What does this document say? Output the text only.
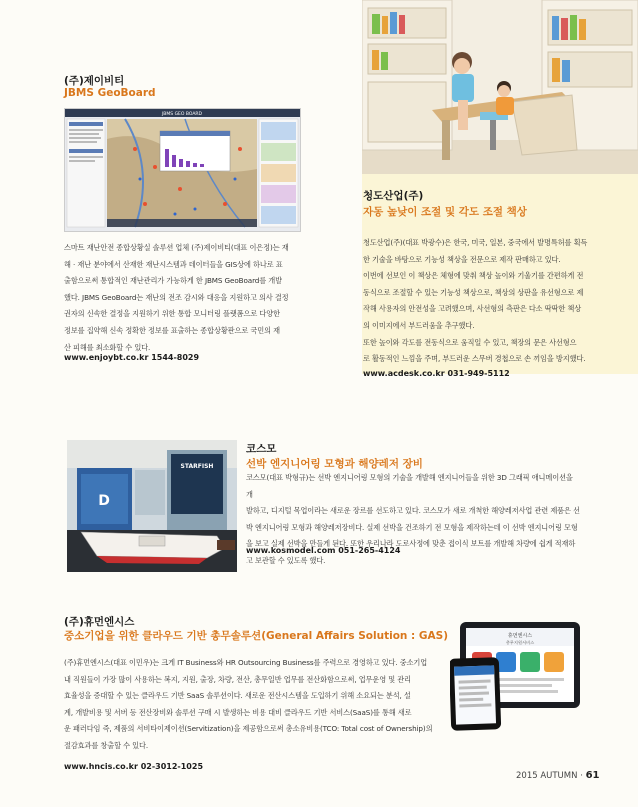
(주)제이비티
JBMS GeoBoard
JBMS GEO BOARD
스마트 재난안전 종합상황실 솔루션 업체 (주)제이비티(대표 이은정)는 재
해 · 재난 분야에서 산재한 재난시스템과 데이터들을 GIS상에 하나로 표
출함으로써 통합적인 재난관리가 가능하게 한 JBMS GeoBoard를 개발
했다. JBMS GeoBoard는 재난의 전조 감시와 대응을 지원하고 의사 결정
권자의 신속한 결정을 지원하기 위한 통합 모니터링 플랫폼으로 다양한
정보를 집약해 신속 정확한 정보를 표출하는 종합상황판으로 국민의 재
산 피해를 최소화할 수 있다.
www.enjoybt.co.kr 1544-8029
청도산업(주)
자동 높낮이 조절 및 각도 조절 책상
청도산업(주)(대표 박광수)은 한국, 미국, 일본, 중국에서 발명특허를 획득
한 기술을 바탕으로 기능성 책상을 전문으로 제작 판매하고 있다.
이번에 선보인 이 책상은 체형에 맞춰 책상 높이와 기울기를 간편하게 전
동식으로 조절할 수 있는 기능성 책상으로, 책상의 상판을 유선형으로 제
작해 사용자의 안전성을 고려했으며, 사선형의 측판은 다소 딱딱한 책상
의 이미지에서 부드러움을 추구했다.
또한 높이와 각도를 전동식으로 움직일 수 있고, 책장의 문은 사선형으
로 활동적인 느낌을 주며, 부드러운 스무버 경첩으로 손 끼임을 방지했다.
www.acdesk.co.kr 031-949-5112
D
STARFISH
코스모
선박 엔지니어링 모형과 해양레저 장비
코스모(대표 박형규)는 선박 엔지니어링 모형의 기술을 개발해 엔지니어들을 위한 3D 그래픽 애니메이션을 개
발하고, 디지털 목업이라는 새로운 장르를 선도하고 있다. 코스모가 새로 개척한 해양레저사업 관련 제품은 선
박 엔지니어링 모형과 해양레저장비다. 실제 선박을 건조하기 전 모형을 제작하는데 이 선박 엔지니어링 모형
을 보고 실제 선박을 만들게 된다. 또한 우리나라 도로사정에 맞춘 접이식 보트를 개발해 차량에 쉽게 적재하
고 보관할 수 있도록 했다.
www.kosmodel.com 051-265-4124
(주)휴먼엔시스
중소기업을 위한 클라우드 기반 총무솔루션(General Affairs Solution : GAS)	휴먼엔시스
총무지원서비스
(주)휴먼엔시스(대표 이민우)는 크게 IT Business와 HR Outsourcing Business를 주력으로 경영하고 있다. 중소기업
내 직원들이 가장 많이 사용하는 복지, 지원, 출장, 차량, 전산, 총무일반 업무를 전산화함으로써, 업무운영 및 관리
효율성을 증대할 수 있는 클라우드 기반 SaaS 솔루션이다. 새로운 전산시스템을 도입하기 위해 소요되는 분석, 설
계, 개발비용 및 서버 등 전산장비와 솔루션 구매 시 발생하는 비용 대비 클라우드 기반 서비스(SaaS)를 통해 새로
운 패러다임 즉, 제품의 서비타이제이션(Servitization)을 제공함으로써 총소유비용(TCO: Total cost of Ownership)의
절감효과를 창출할 수 있다.
www.hncis.co.kr 02-3012-1025
2015 AUTUMN · 61
